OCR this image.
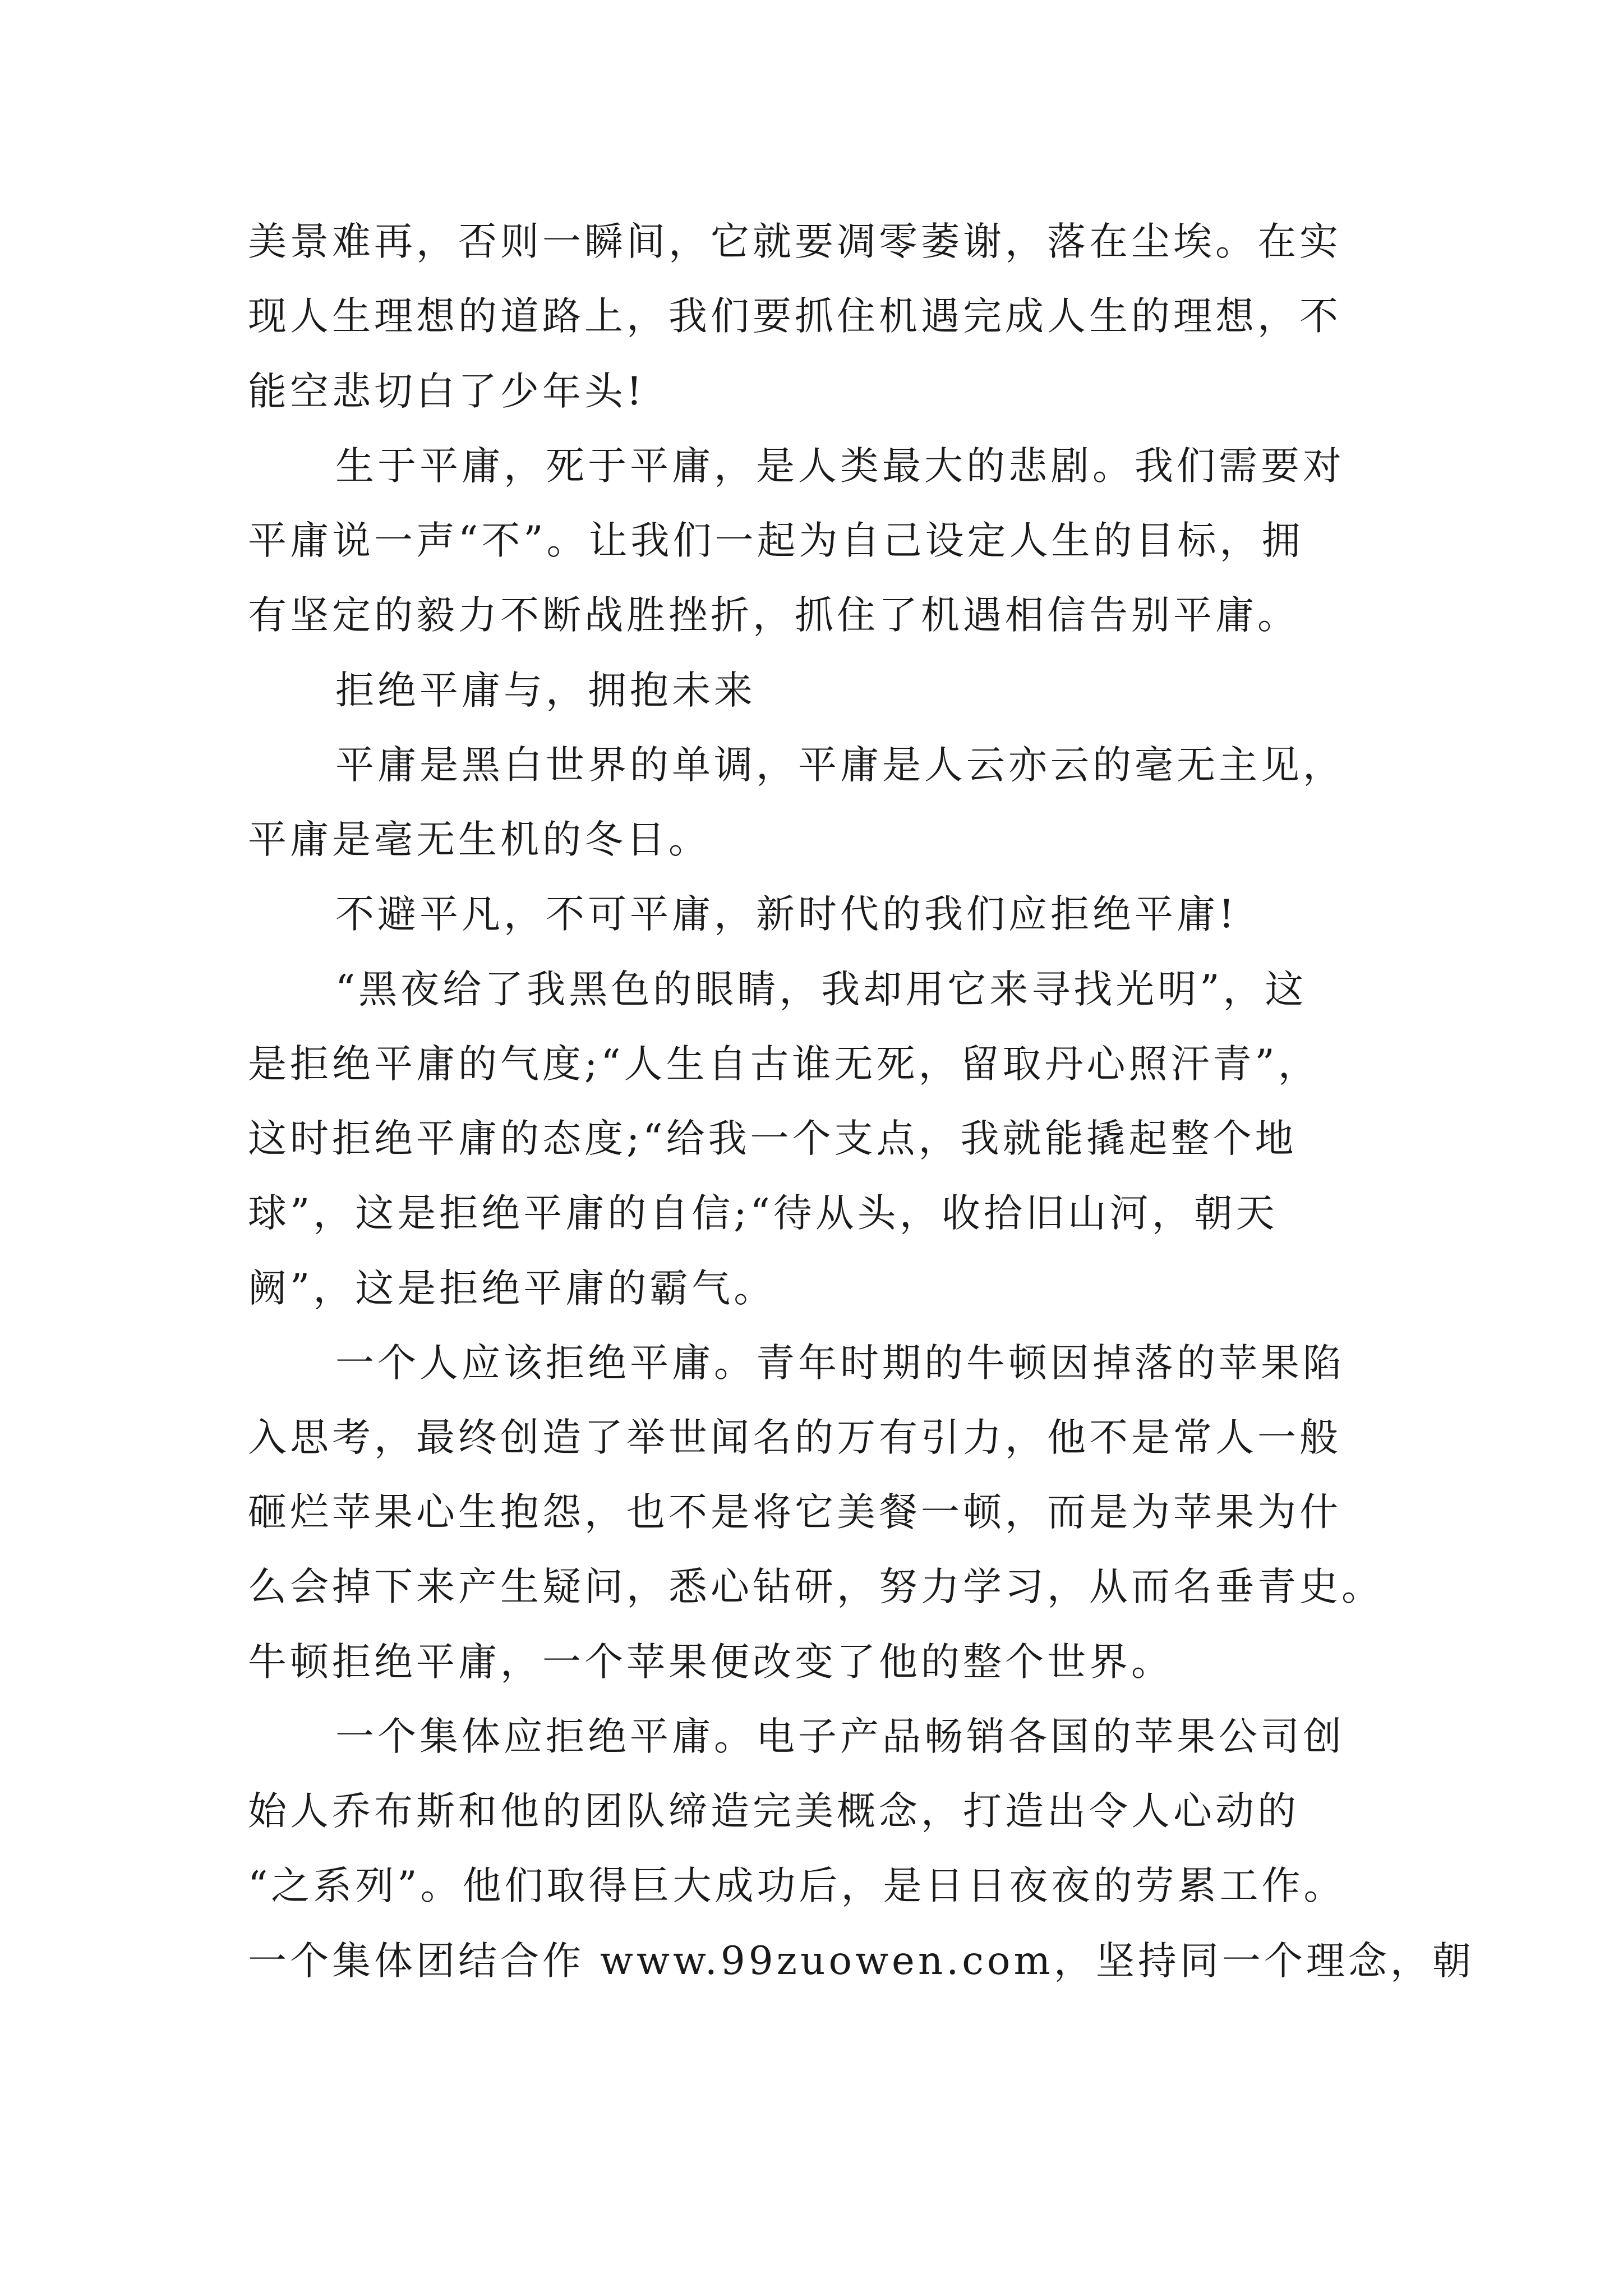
美景难再，否则一瞬间，它就要凋零萎谢，落在尘埃。在实
现人生理想的道路上，我们要抓住机遇完成人生的理想，不
能空悲切白了少年头!
生于平庸，死于平庸，是人类最大的悲剧。我们需要对
平庸说一声“不”。让我们一起为自己设定人生的目标，拥
有坚定的毅力不断战胜挫折，抓住了机遇相信告别平庸。
拒绝平庸与，拥抱未来
平庸是黑白世界的单调，平庸是人云亦云的毫无主见，
平庸是毫无生机的冬日。
不避平凡，不可平庸，新时代的我们应拒绝平庸!
“黑夜给了我黑色的眼睛，我却用它来寻找光明”，这
是拒绝平庸的气度;“人生自古谁无死，留取丹心照汗青”，
这时拒绝平庸的态度;“给我一个支点，我就能撬起整个地
球”，这是拒绝平庸的自信;“待从头，收拾旧山河，朝天
阙”，这是拒绝平庸的霸气。
一个人应该拒绝平庸。青年时期的牛顿因掉落的苹果陷
入思考，最终创造了举世闻名的万有引力，他不是常人一般
砸烂苹果心生抱怨，也不是将它美餐一顿，而是为苹果为什
么会掉下来产生疑问，悉心钻研，努力学习，从而名垂青史。
牛顿拒绝平庸，一个苹果便改变了他的整个世界。
一个集体应拒绝平庸。电子产品畅销各国的苹果公司创
始人乔布斯和他的团队缔造完美概念，打造出令人心动的
“之系列”。他们取得巨大成功后，是日日夜夜的劳累工作。
一个集体团结合作 www.99zuowen.com，坚持同一个理念，朝
